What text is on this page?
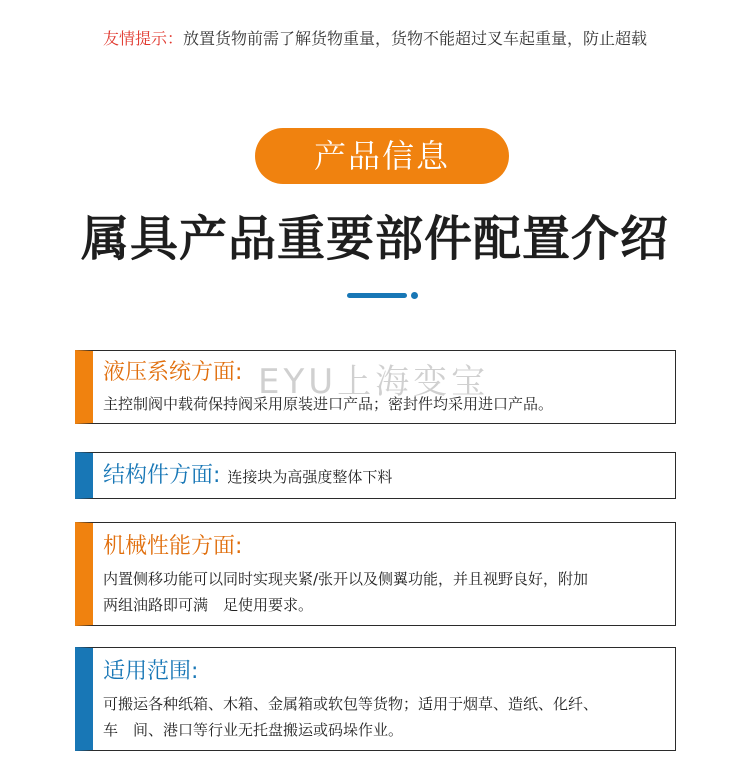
友情提示：放置货物前需了解货物重量，货物不能超过叉车起重量，防止超载
产品信息
属具产品重要部件配置介绍
液压系统方面:
主控制阀中载荷保持阀采用原装进口产品；密封件均采用进口产品。
结构件方面: 连接块为高强度整体下料
机械性能方面:
内置侧移功能可以同时实现夹紧/张开以及侧翼功能，并且视野良好，附加
两组油路即可满　足使用要求。
适用范围:
可搬运各种纸箱、木箱、金属箱或软包等货物；适用于烟草、造纸、化纤、
车　间、港口等行业无托盘搬运或码垛作业。
EYU上海变宝
